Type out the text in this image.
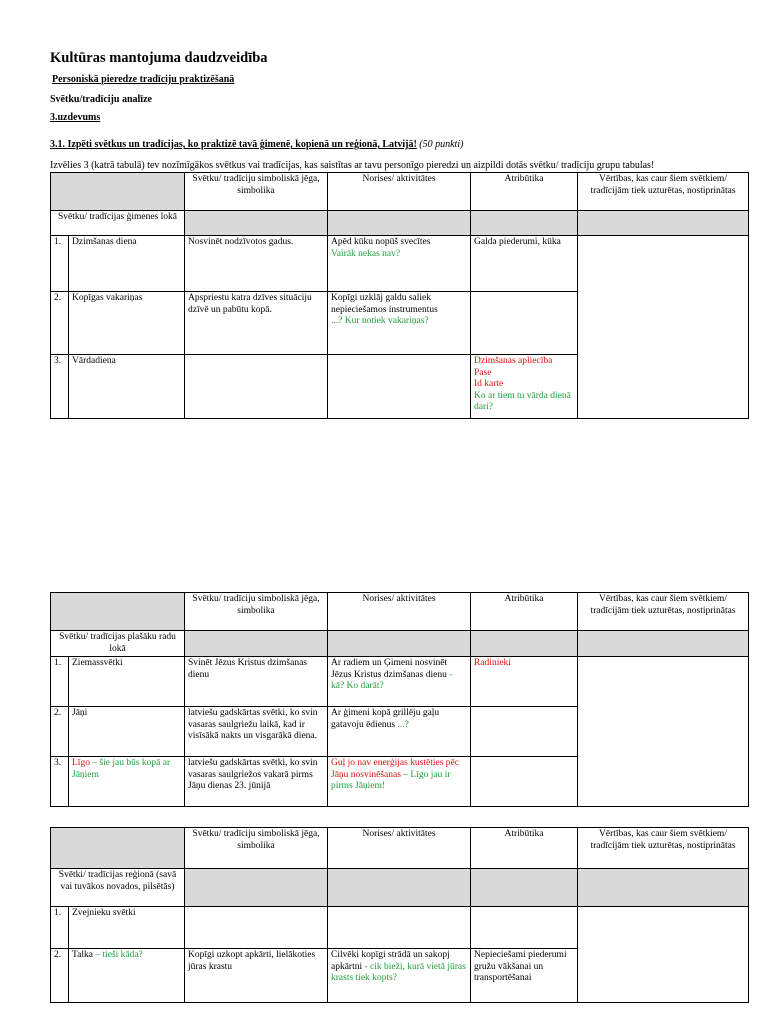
Kultūras mantojuma daudzveidība

Personiskā pieredze tradīciju praktizēšanā

Svētku/tradīciju analīze

3.uzdevums

3.1. Izpēti svētkus un tradīcijas, ko praktizē tavā ģimenē, kopienā un reģionā, Latvijā! (50 punkti)

Izvēlies 3 (katrā tabulā) tev nozīmīgākos svētkus vai tradīcijas, kas saistītas ar tavu personīgo pieredzi un aizpildi dotās svētku/ tradīciju grupu tabulas!

		Svētku/ tradīciju simboliskā jēga, simbolika	Norises/ aktivitātes	Atribūtika	Vērtības, kas caur šiem svētkiem/ tradīcijām tiek uzturētas, nostiprinātas
Svētku/ tradīcijas ģimenes lokā					
1.	Dzimšanas diena	Nosvinēt nodzīvotos gadus.	Apēd kūku nopūš svecītes
Vairāk nekas nav?	Galda piederumi, kūka	
2.	Kopīgas vakariņas	Apspriestu katra dzīves situāciju dzīvē un pabūtu kopā.	Kopīgi uzklāj galdu saliek nepieciešamos instrumentus
...? Kur notiek vakariņas?		
3.	Vārdadiena			Dzimšanas apliecība
Pase
Id karte
Ko ar tiem tu vārda dienā dari?	
		Svētku/ tradīciju simboliskā jēga, simbolika	Norises/ aktivitātes	Atribūtika	Vērtības, kas caur šiem svētkiem/ tradīcijām tiek uzturētas, nostiprinātas
Svētku/ tradīcijas plašāku radu lokā					
1.	Ziemassvētki	Svinēt Jēzus Kristus dzimšanas dienu	Ar radiem un Ģimeni nosvinēt Jēzus Kristus dzimšanas dienu - kā? Ko darāt?	Radinieki	
2.	Jāņi	latviešu gadskārtas svētki, ko svin vasaras saulgriežu laikā, kad ir visīsākā nakts un visgarākā diena.	Ar ģimeni kopā grillēju gaļu gatavoju ēdienus ...?		
3.	Līgo – šie jau būs kopā ar Jāņiem	latviešu gadskārtas svētki, ko svin vasaras saulgriežos vakarā pirms Jāņu dienas 23. jūnijā	Guļ jo nav enerģijas kustēties pēc Jāņu nosvinēšanas – Līgo jau ir pirms Jāņiem!		
		Svētku/ tradīciju simboliskā jēga, simbolika	Norises/ aktivitātes	Atribūtika	Vērtības, kas caur šiem svētkiem/ tradīcijām tiek uzturētas, nostiprinātas
Svētki/ tradīcijas reģionā (savā vai tuvākos novados, pilsētās)					
1.	Zvejnieku svētki				
2.	Talka – tieši kāda?	Kopīgi uzkopt apkārti, lielākoties jūras krastu	Cilvēki kopīgi strādā un sakopj apkārtni - cik bieži, kurā vietā jūras krasts tiek kopts?	Nepieciešami piederumi gružu vākšanai un transportēšanai	
